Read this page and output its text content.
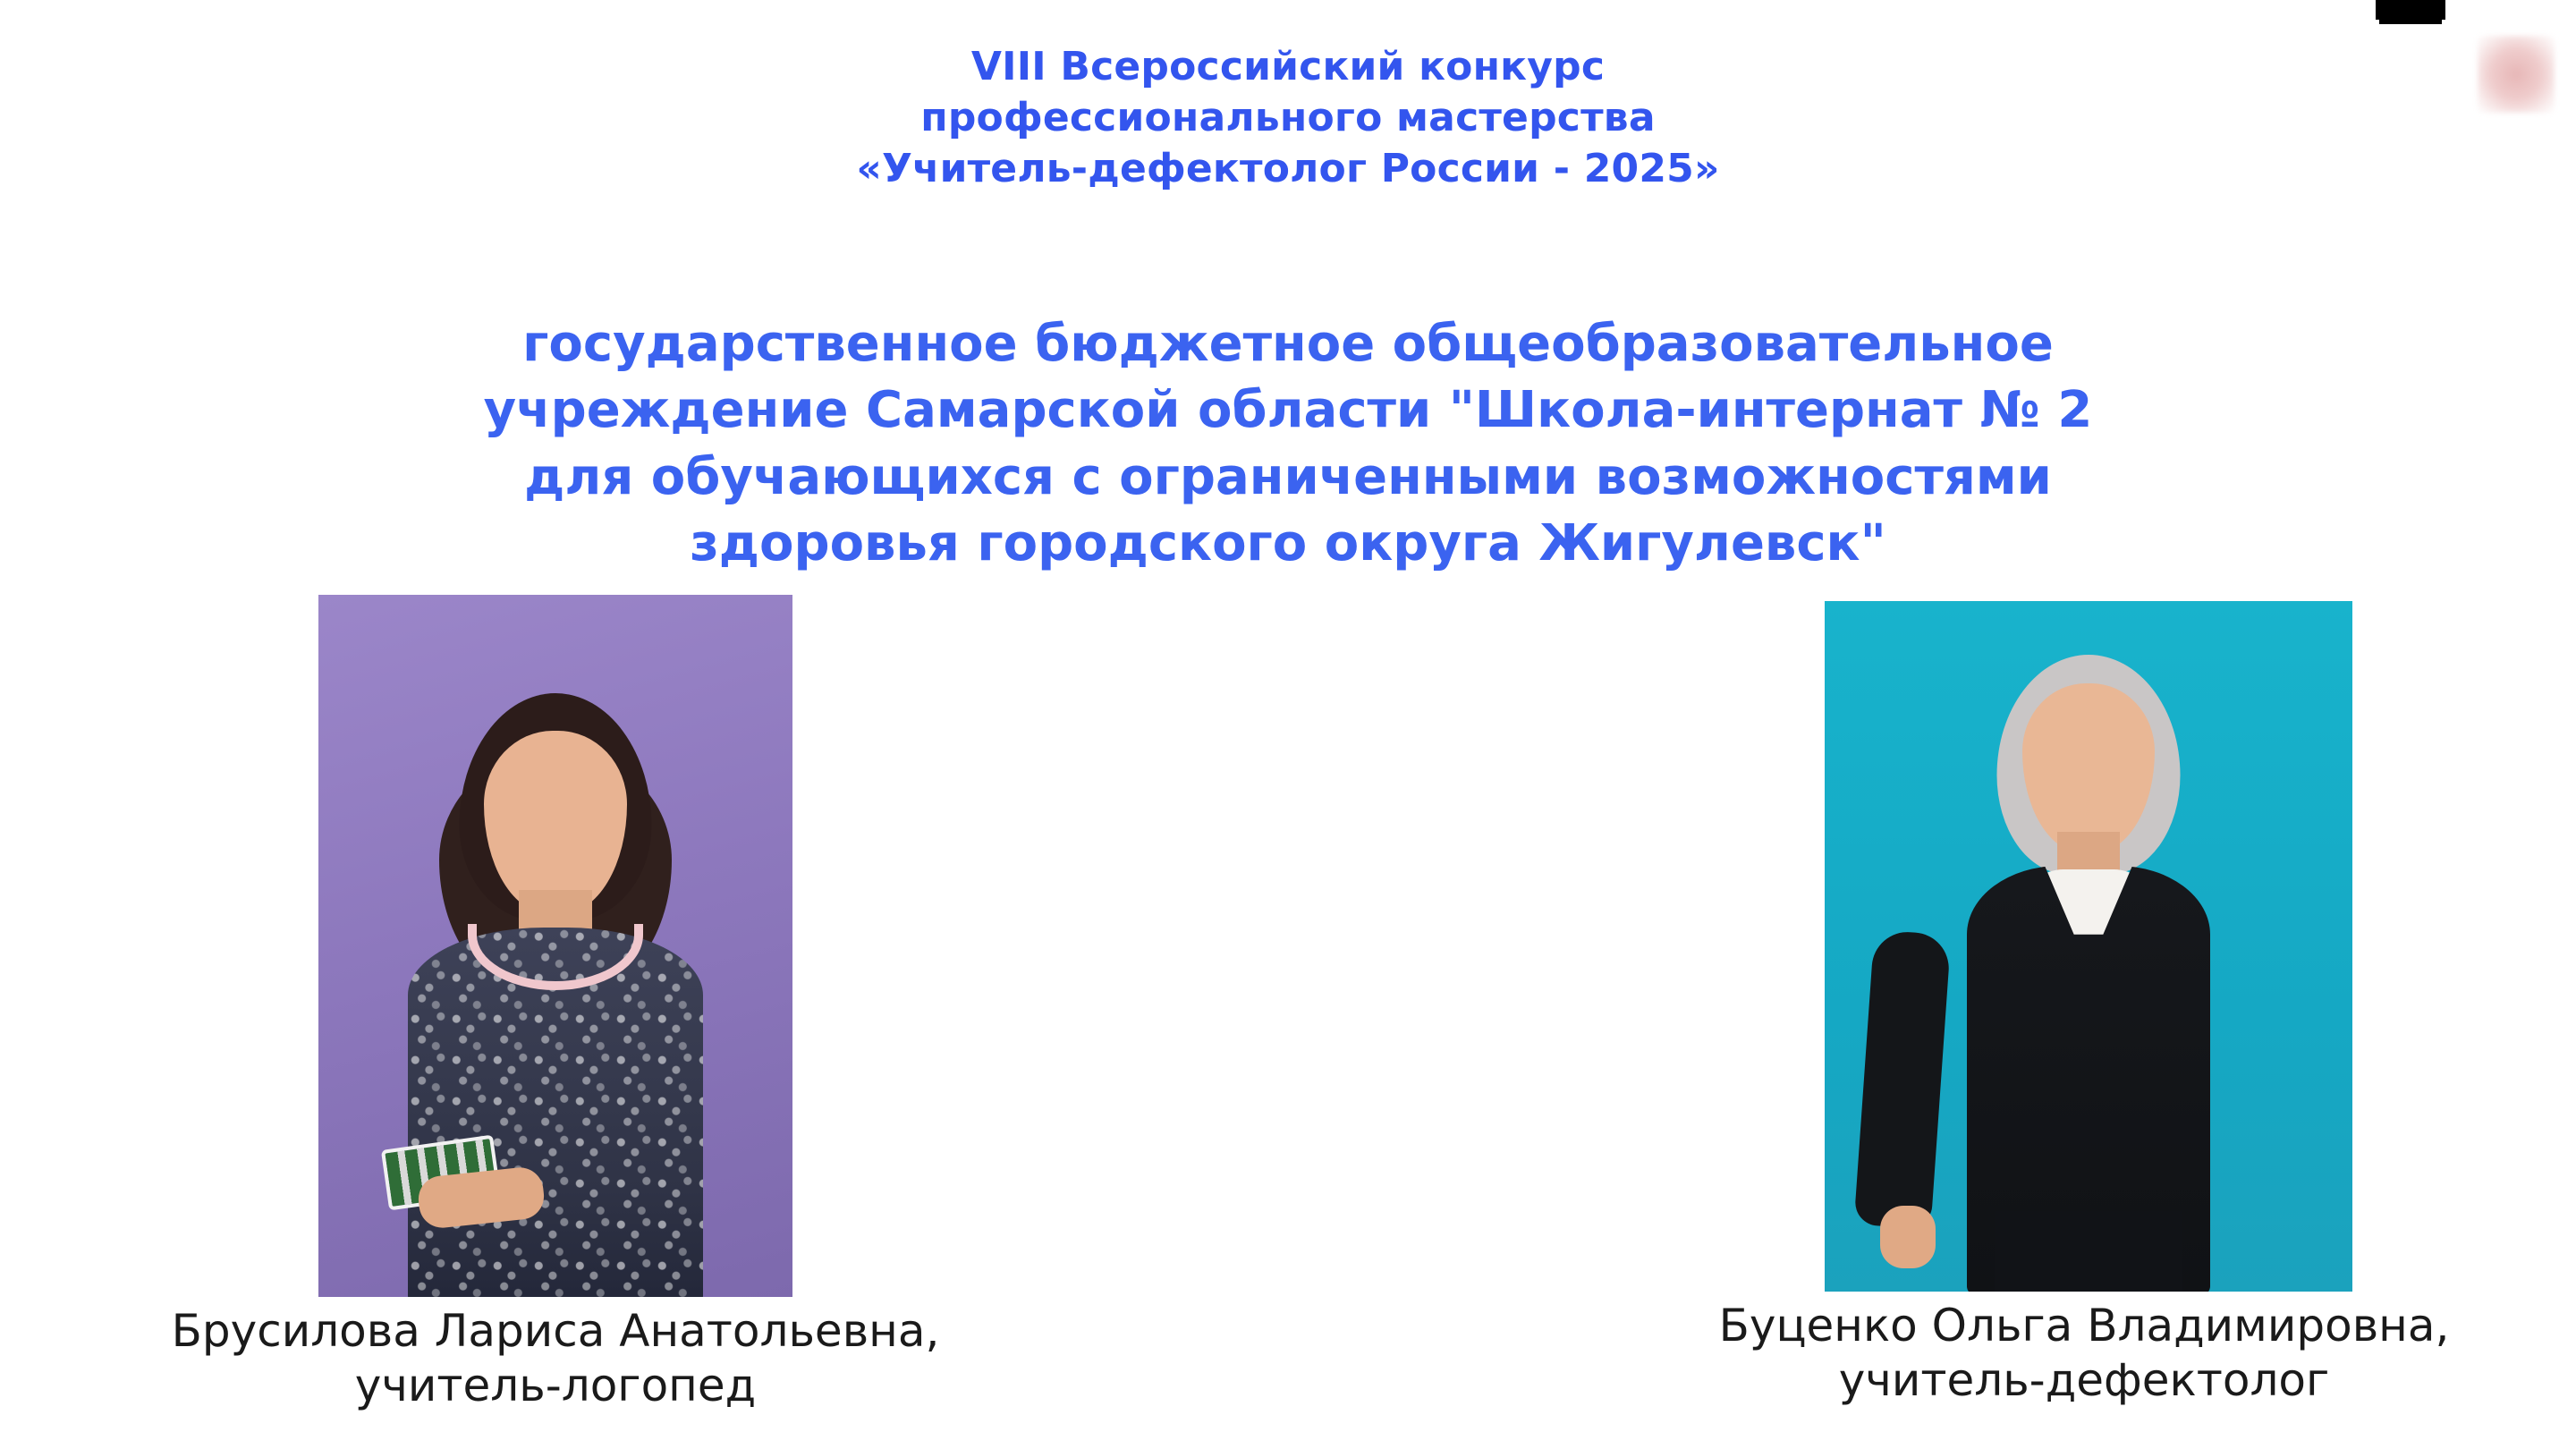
VIII Всероссийский конкурс
профессионального мастерства
«Учитель-дефектолог России - 2025»
государственное бюджетное общеобразовательное
учреждение Самарской области "Школа-интернат № 2
для обучающихся с ограниченными возможностями
здоровья городского округа Жигулевск"
Брусилова Лариса Анатольевна,
учитель-логопед
Буценко Ольга Владимировна,
учитель-дефектолог
